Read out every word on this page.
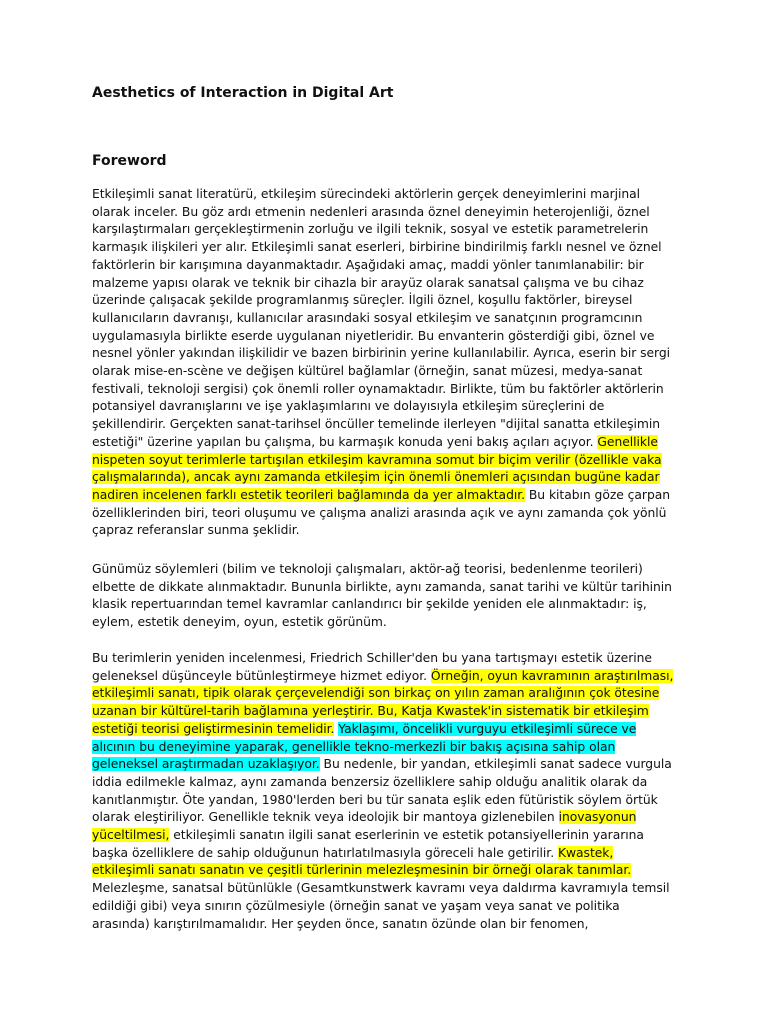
Aesthetics of Interaction in Digital Art
Foreword

Etkileşimli sanat literatürü, etkileşim sürecindeki aktörlerin gerçek deneyimlerini marjinal olarak inceler. Bu göz ardı etmenin nedenleri arasında öznel deneyimin heterojenliği, öznel karşılaştırmaları gerçekleştirmenin zorluğu ve ilgili teknik, sosyal ve estetik parametrelerin karmaşık ilişkileri yer alır. Etkileşimli sanat eserleri, birbirine bindirilmiş farklı nesnel ve öznel faktörlerin bir karışımına dayanmaktadır. Aşağıdaki amaç, maddi yönler tanımlanabilir: bir malzeme yapısı olarak ve teknik bir cihazla bir arayüz olarak sanatsal çalışma ve bu cihaz üzerinde çalışacak şekilde programlanmış süreçler. İlgili öznel, koşullu faktörler, bireysel kullanıcıların davranışı, kullanıcılar arasındaki sosyal etkileşim ve sanatçının programcının uygulamasıyla birlikte eserde uygulanan niyetleridir. Bu envanterin gösterdiği gibi, öznel ve nesnel yönler yakından ilişkilidir ve bazen birbirinin yerine kullanılabilir. Ayrıca, eserin bir sergi olarak mise-en-scène ve değişen kültürel bağlamlar (örneğin, sanat müzesi, medya-sanat festivali, teknoloji sergisi) çok önemli roller oynamaktadır. Birlikte, tüm bu faktörler aktörlerin potansiyel davranışlarını ve işe yaklaşımlarını ve dolayısıyla etkileşim süreçlerini de şekillendirir. Gerçekten sanat-tarihsel öncüller temelinde ilerleyen "dijital sanatta etkileşimin estetiği" üzerine yapılan bu çalışma, bu karmaşık konuda yeni bakış açıları açıyor. Genellikle nispeten soyut terimlerle tartışılan etkileşim kavramına somut bir biçim verilir (özellikle vaka çalışmalarında), ancak aynı zamanda etkileşim için önemli önemleri açısından bugüne kadar nadiren incelenen farklı estetik teorileri bağlamında da yer almaktadır. Bu kitabın göze çarpan özelliklerinden biri, teori oluşumu ve çalışma analizi arasında açık ve aynı zamanda çok yönlü çapraz referanslar sunma şeklidir.

Günümüz söylemleri (bilim ve teknoloji çalışmaları, aktör-ağ teorisi, bedenlenme teorileri) elbette de dikkate alınmaktadır. Bununla birlikte, aynı zamanda, sanat tarihi ve kültür tarihinin klasik repertuarından temel kavramlar canlandırıcı bir şekilde yeniden ele alınmaktadır: iş, eylem, estetik deneyim, oyun, estetik görünüm.

Bu terimlerin yeniden incelenmesi, Friedrich Schiller'den bu yana tartışmayı estetik üzerine geleneksel düşünceyle bütünleştirmeye hizmet ediyor. Örneğin, oyun kavramının araştırılması, etkileşimli sanatı, tipik olarak çerçevelendiği son birkaç on yılın zaman aralığının çok ötesine uzanan bir kültürel-tarih bağlamına yerleştirir. Bu, Katja Kwastek'in sistematik bir etkileşim estetiği teorisi geliştirmesinin temelidir. Yaklaşımı, öncelikli vurguyu etkileşimli sürece ve alıcının bu deneyimine yaparak, genellikle tekno-merkezli bir bakış açısına sahip olan geleneksel araştırmadan uzaklaşıyor. Bu nedenle, bir yandan, etkileşimli sanat sadece vurgula iddia edilmekle kalmaz, aynı zamanda benzersiz özelliklere sahip olduğu analitik olarak da kanıtlanmıştır. Öte yandan, 1980'lerden beri bu tür sanata eşlik eden fütüristik söylem örtük olarak eleştiriliyor. Genellikle teknik veya ideolojik bir mantoya gizlenebilen inovasyonun yüceltilmesi, etkileşimli sanatın ilgili sanat eserlerinin ve estetik potansiyellerinin yararına başka özelliklere de sahip olduğunun hatırlatılmasıyla göreceli hale getirilir. Kwastek, etkileşimli sanatı sanatın ve çeşitli türlerinin melezleşmesinin bir örneği olarak tanımlar. Melezleşme, sanatsal bütünlükle (Gesamtkunstwerk kavramı veya daldırma kavramıyla temsil edildiği gibi) veya sınırın çözülmesiyle (örneğin sanat ve yaşam veya sanat ve politika arasında) karıştırılmamalıdır. Her şeyden önce, sanatın özünde olan bir fenomen,
